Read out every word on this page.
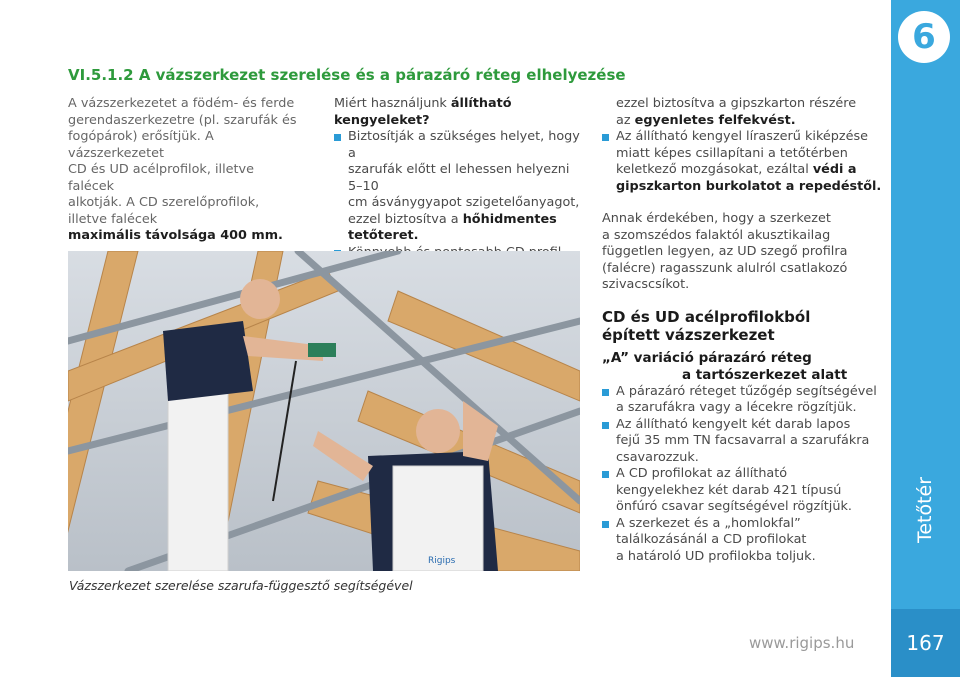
VI.5.1.2 A vázszerkezet szerelése és a párazáró réteg elhelyezése
A vázszerkezetet a födém- és ferde
gerendaszerkezetre (pl. szarufák és
fogópárok) erősítjük. A vázszerkezetet
CD és UD acélprofilok, illetve falécek
alkotják. A CD szerelőprofilok, illetve falécek
maximális távolsága 400 mm.
Miért használjunk állítható kengyeleket?
Biztosítják a szükséges helyet, hogy a
szarufák előtt el lehessen helyezni 5–10
cm ásványgyapot szigetelőanyagot,
ezzel biztosítva a hőhidmentes
tetőteret.
ezzel biztosítva a gipszkarton részére
az egyenletes felfekvést.
Az állítható kengyel líraszerű kiképzése
miatt képes csillapítani a tetőtérben
keletkező mozgásokat, ezáltal védi a
gipszkarton burkolatot a repedéstől.
Annak érdekében, hogy a szerkezet
a szomszédos falaktól akusztikailag
független legyen, az UD szegő profilra
(falécre) ragasszunk alulról csatlakozó
szivacscsíkot.
CD és UD acélprofilokból
épített vázszerkezet
„A” variáció párazáró réteg
a tartószerkezet alatt
A párazáró réteget tűzőgép segítségével
a szarufákra vagy a lécekre rögzítjük.
Az állítható kengyelt két darab lapos
fejű 35 mm TN facsavarral a szarufákra
csavarozzuk.
A CD profilokat az állítható
kengyelekhez két darab 421 típusú
önfúró csavar segítségével rögzítjük.
A szerkezet és a „homlokfal”
találkozásánál a CD profilokat
a határoló UD profilokba toljuk.
Rigips
Vázszerkezet szerelése szarufa-függesztő segítségével
6
Tetőtér
167
www.rigips.hu
